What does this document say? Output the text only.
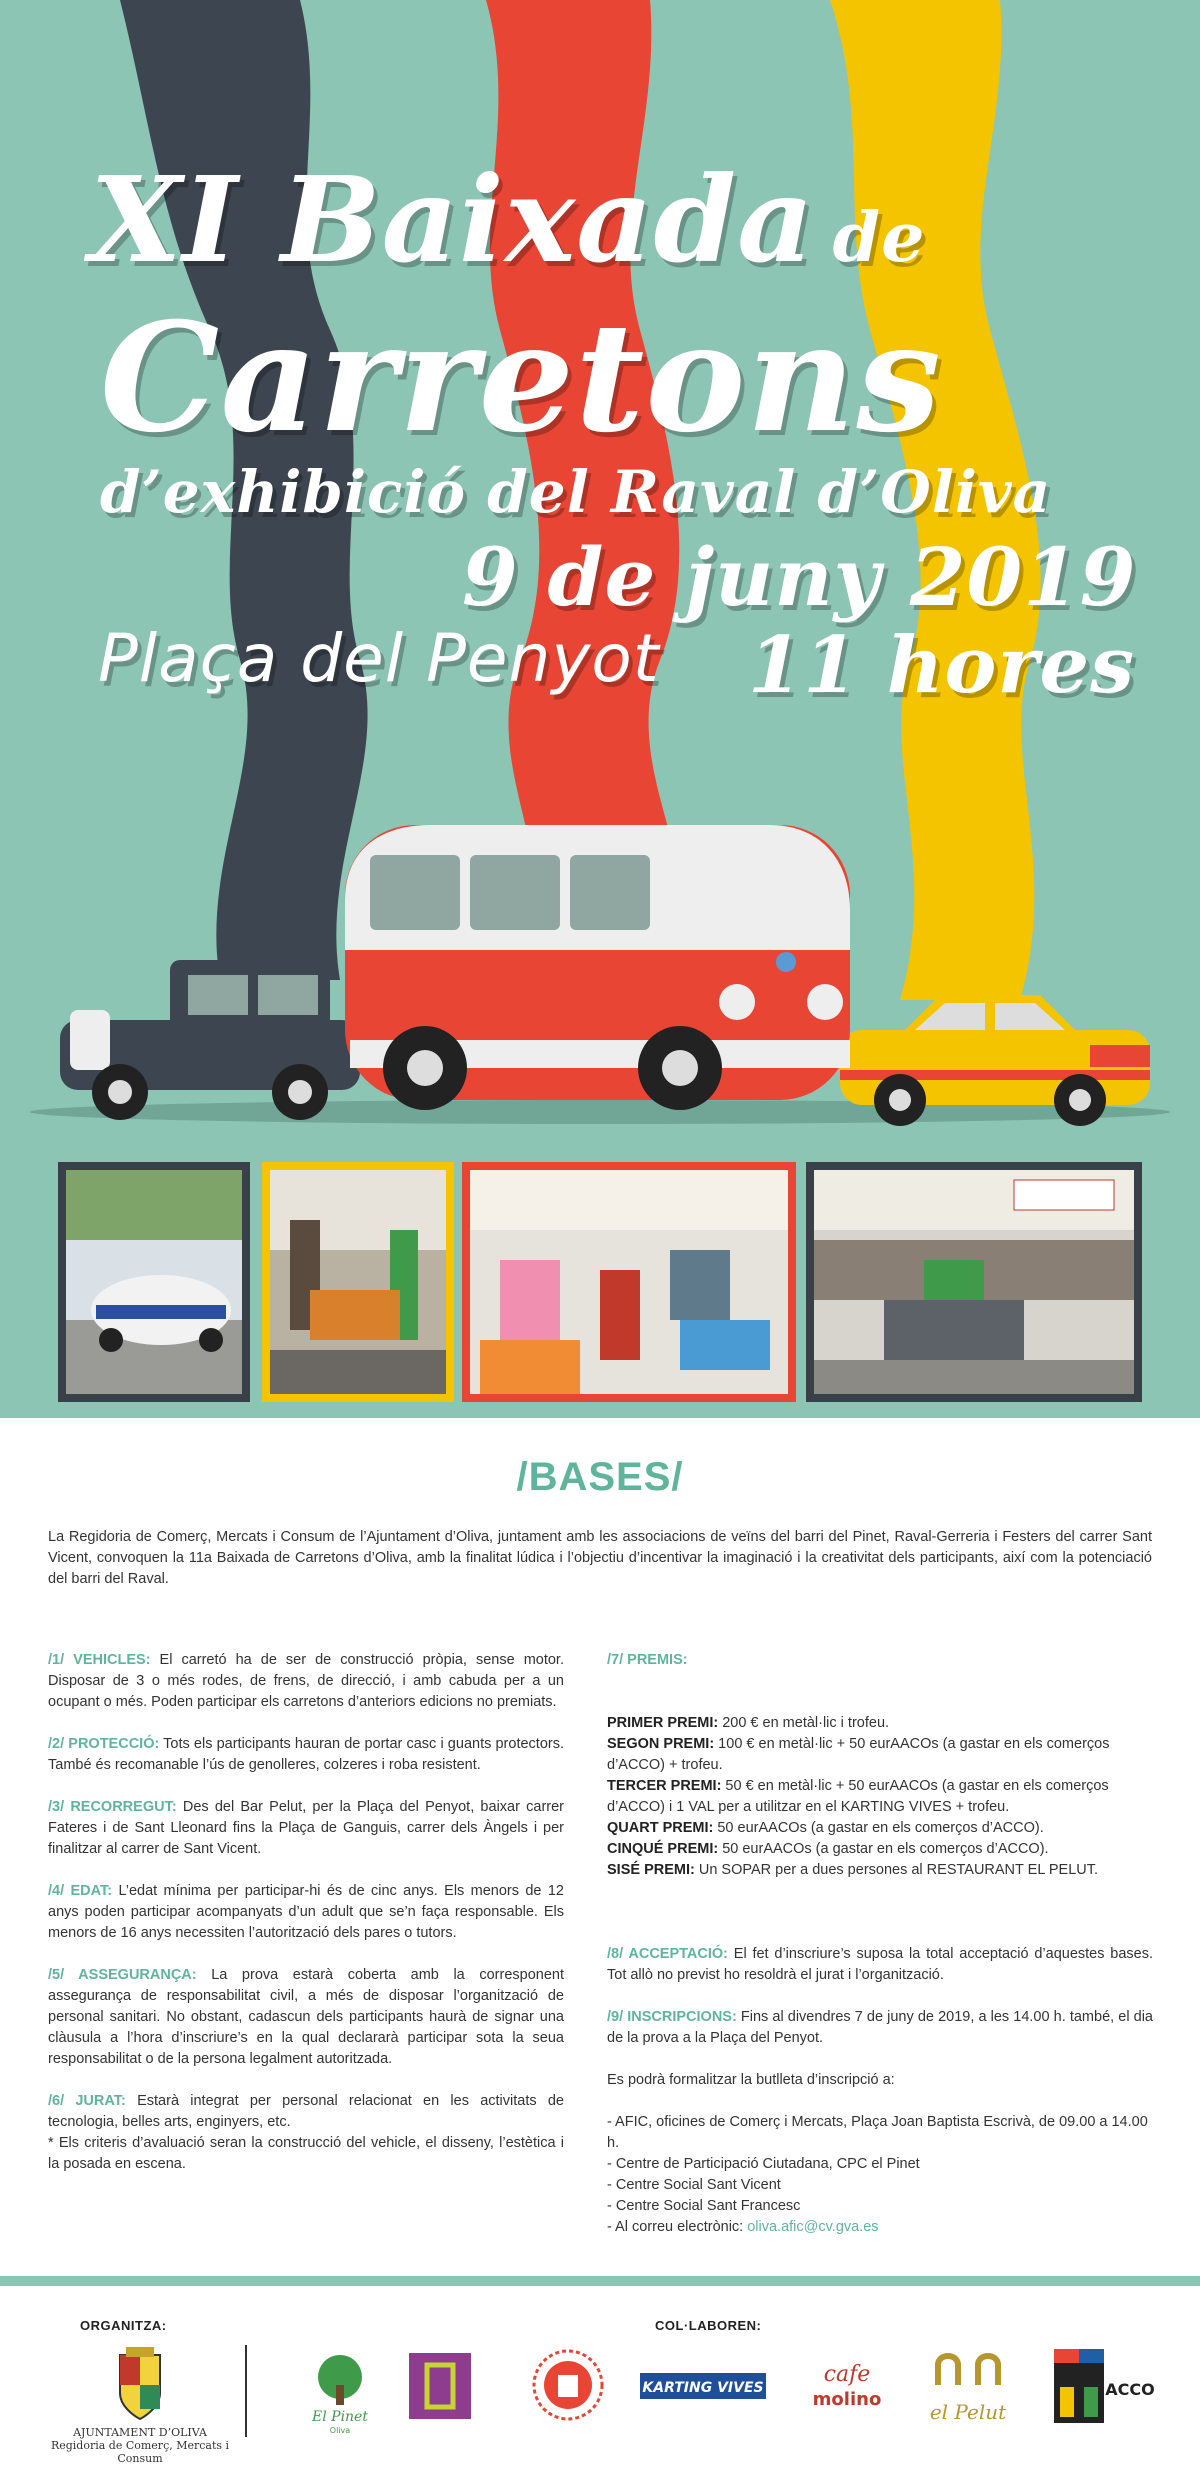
XI Baixada de
Carretons
d’exhibició del Raval d’Oliva
9 de juny 2019
Plaça del Penyot 11 hores
/BASES/
La Regidoria de Comerç, Mercats i Consum de l’Ajuntament d’Oliva, juntament amb les associacions de veïns del barri del Pinet, Raval-Gerreria i Festers del carrer Sant Vicent, convoquen la 11a Baixada de Carretons d’Oliva, amb la finalitat lúdica i l’objectiu d’incentivar la imaginació i la creativitat dels participants, així com la potenciació del barri del Raval.
/1/ VEHICLES: El carretó ha de ser de construcció pròpia, sense motor. Disposar de 3 o més rodes, de frens, de direcció, i amb cabuda per a un ocupant o més. Poden participar els carretons d’anteriors edicions no premiats.
/2/ PROTECCIÓ: Tots els participants hauran de portar casc i guants protectors. També és recomanable l’ús de genolleres, colzeres i roba resistent.
/3/ RECORREGUT: Des del Bar Pelut, per la Plaça del Penyot, baixar carrer Fateres i de Sant Lleonard fins la Plaça de Ganguis, carrer dels Àngels i per finalitzar al carrer de Sant Vicent.
/4/ EDAT: L’edat mínima per participar-hi és de cinc anys. Els menors de 12 anys poden participar acompanyats d’un adult que se’n faça responsable. Els menors de 16 anys necessiten l’autorització dels pares o tutors.
/5/ ASSEGURANÇA: La prova estarà coberta amb la corresponent assegurança de responsabilitat civil, a més de disposar l’organització de personal sanitari. No obstant, cadascun dels participants haurà de signar una clàusula a l’hora d’inscriure’s en la qual declararà participar sota la seua responsabilitat o de la persona legalment autoritzada.
/6/ JURAT: Estarà integrat per personal relacionat en les activitats de tecnologia, belles arts, enginyers, etc.
* Els criteris d’avaluació seran la construcció del vehicle, el disseny, l’estètica i la posada en escena.
/7/ PREMIS:
PRIMER PREMI: 200 € en metàl·lic i trofeu.
SEGON PREMI: 100 € en metàl·lic + 50 eurAACOs (a gastar en els comerços d’ACCO) + trofeu.
TERCER PREMI: 50 € en metàl·lic + 50 eurAACOs (a gastar en els comerços d’ACCO) i 1 VAL per a utilitzar en el KARTING VIVES + trofeu.
QUART PREMI: 50 eurAACOs (a gastar en els comerços d’ACCO).
CINQUÉ PREMI: 50 eurAACOs (a gastar en els comerços d’ACCO).
SISÉ PREMI: Un SOPAR per a dues persones al RESTAURANT EL PELUT.
/8/ ACCEPTACIÓ: El fet d’inscriure’s suposa la total acceptació d’aquestes bases. Tot allò no previst ho resoldrà el jurat i l’organització.
/9/ INSCRIPCIONS: Fins al divendres 7 de juny de 2019, a les 14.00 h. també, el dia de la prova a la Plaça del Penyot.
Es podrà formalitzar la butlleta d’inscripció a:
- AFIC, oficines de Comerç i Mercats, Plaça Joan Baptista Escrivà, de 09.00 a 14.00 h.
- Centre de Participació Ciutadana, CPC el Pinet
- Centre Social Sant Vicent
- Centre Social Sant Francesc
- Al correu electrònic: oliva.afic@cv.gva.es
ORGANITZA:	COL·LABOREN:
AJUNTAMENT D’OLIVA
Regidoria de Comerç, Mercats i Consum
El Pinet
Oliva
KARTING VIVES
cafe
molino
el Pelut
ACCO
